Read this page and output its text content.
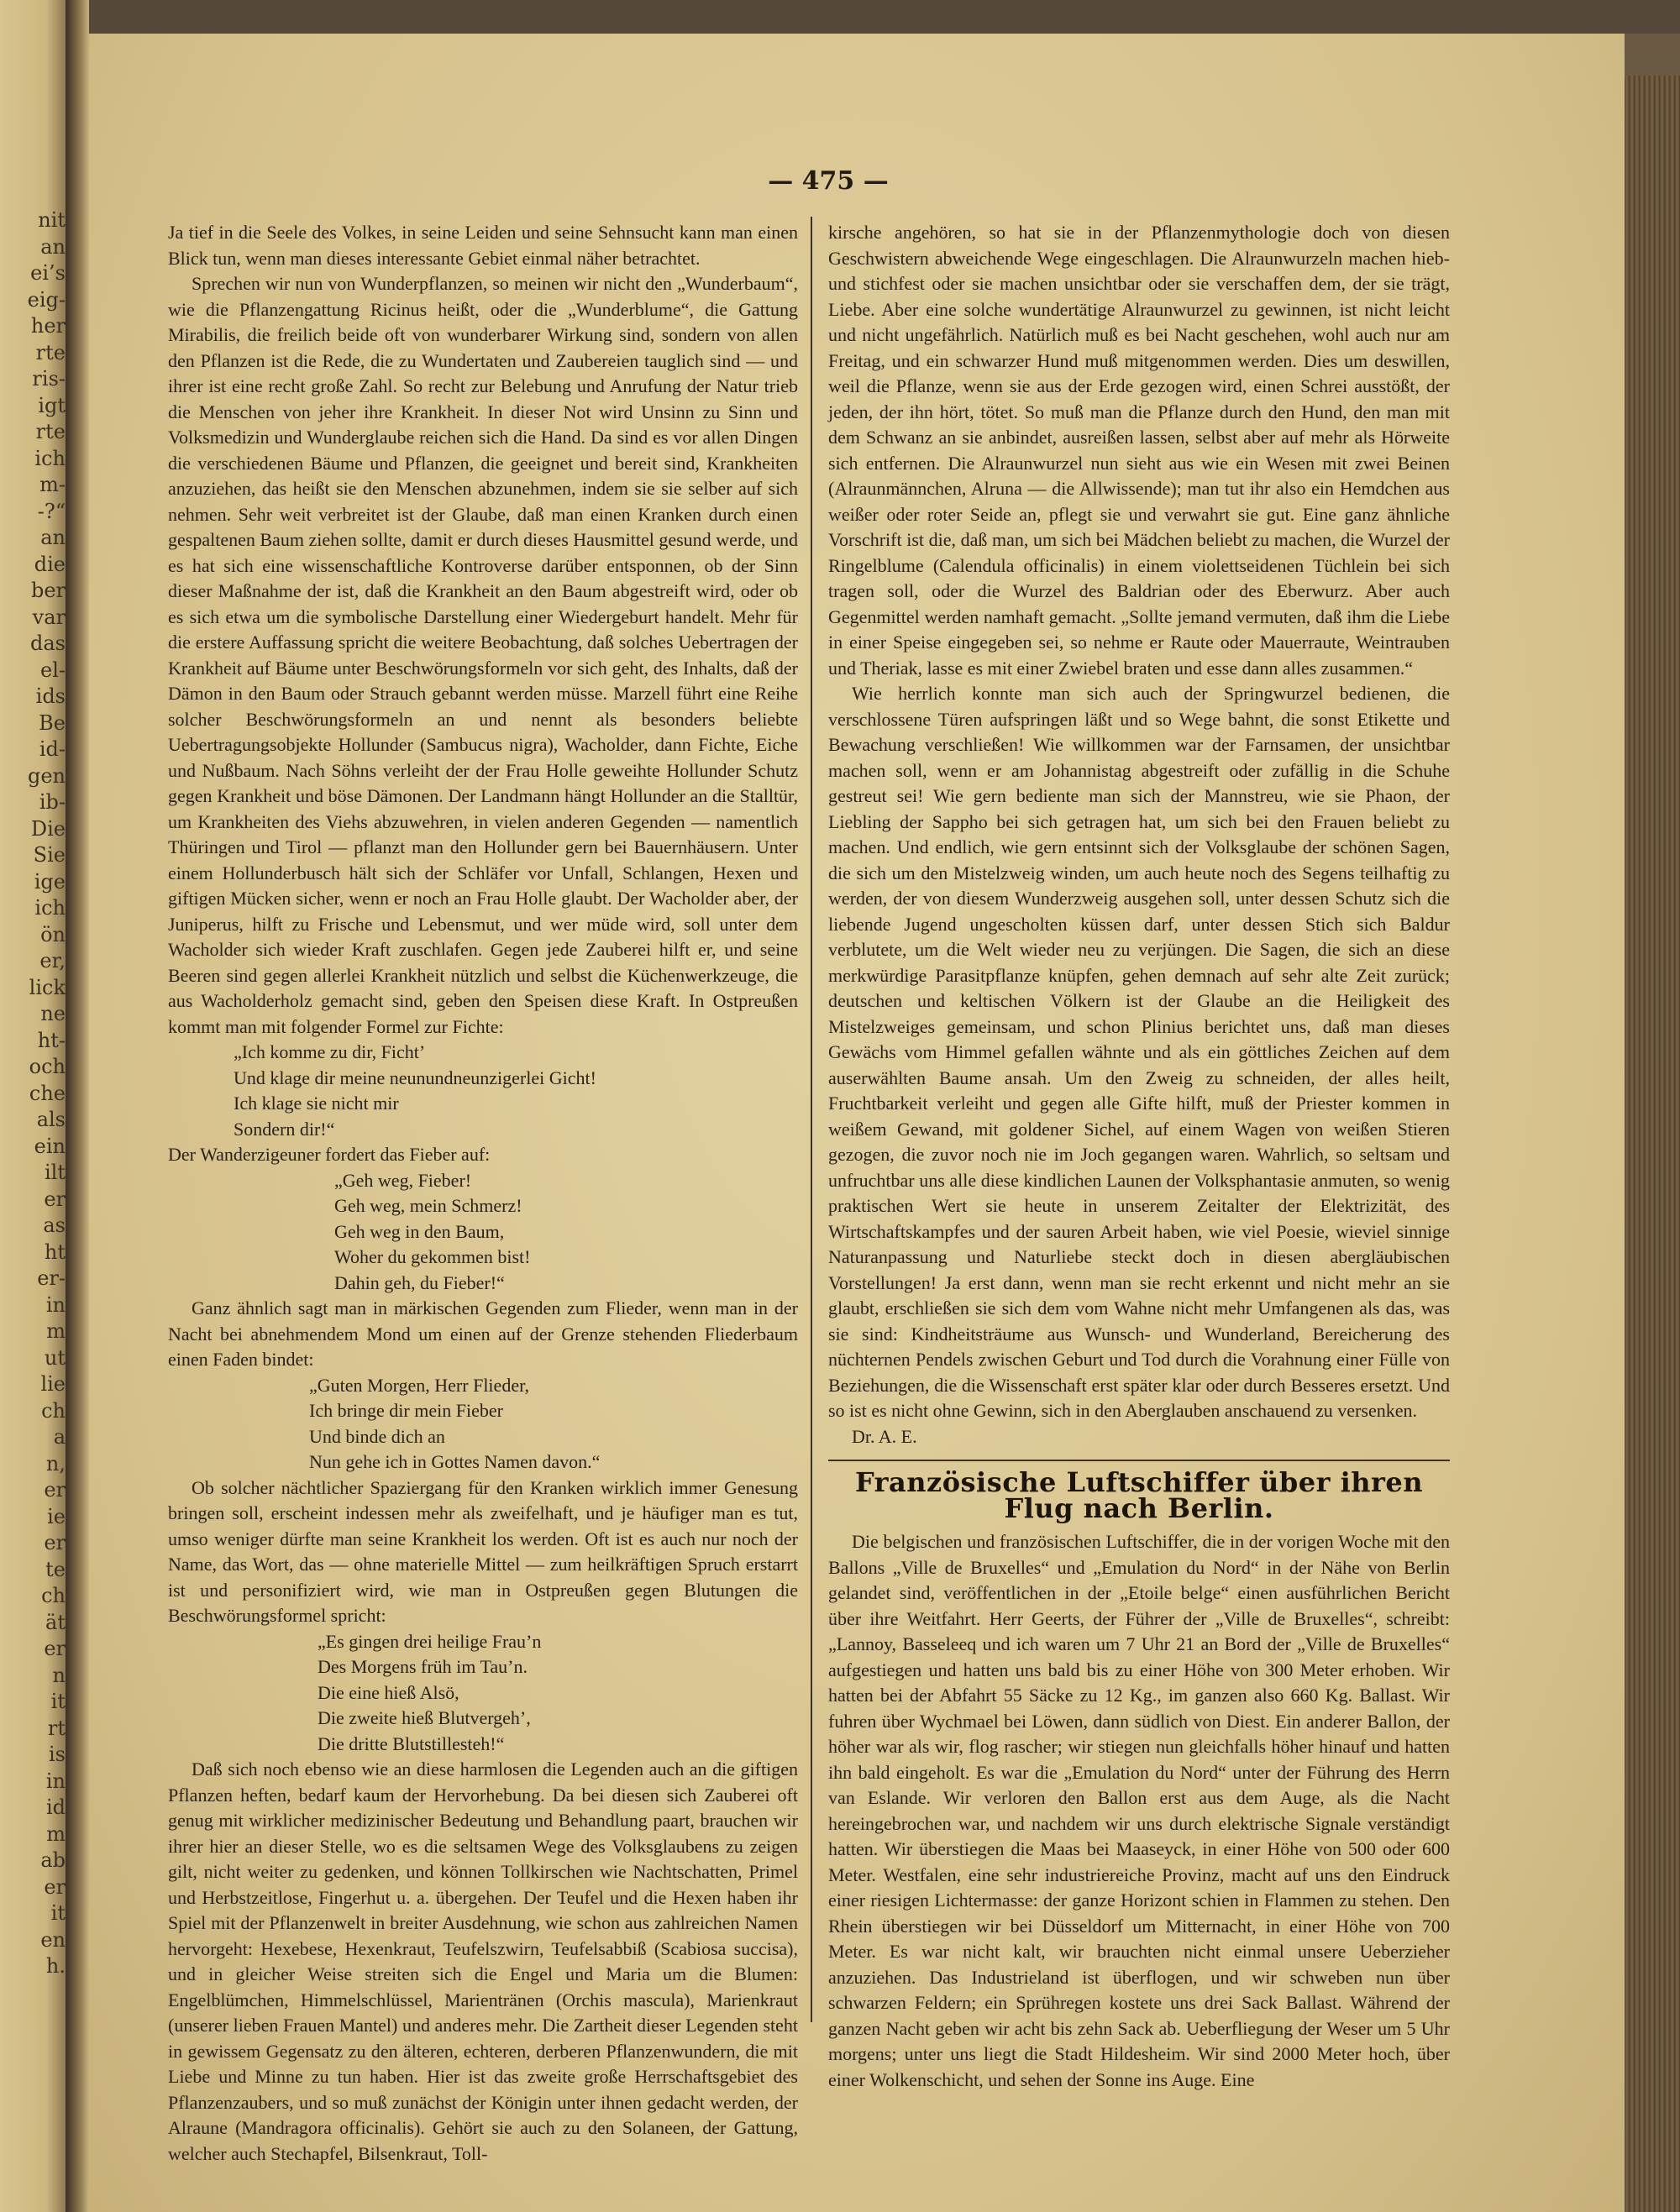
nit
an
ei’s
eig-
her
rte
ris-
igt
rte
ich
m-
-?“
an
die
ber
var
das
el-
ids
Be
id-
gen
ib-
Die
Sie
ige
ich
ön
er,
lick
ne
ht-
och
che
als
ein
ilt
er
as
ht
er-
in
m
ut
lie
ch
a
n,
er
ie
er
te
ch
ät
er
n
it
rt
is
in
id
m
ab
er
it
en
h.
— 475 —

Ja tief in die Seele des Volkes, in seine Leiden und seine Sehnsucht kann man einen Blick tun, wenn man dieses interessante Gebiet einmal näher betrachtet.

Sprechen wir nun von Wunderpflanzen, so meinen wir nicht den „Wunderbaum“, wie die Pflanzengattung Ricinus heißt, oder die „Wunderblume“, die Gattung Mirabilis, die freilich beide oft von wunderbarer Wirkung sind, sondern von allen den Pflanzen ist die Rede, die zu Wundertaten und Zaubereien tauglich sind — und ihrer ist eine recht große Zahl. So recht zur Belebung und Anrufung der Natur trieb die Menschen von jeher ihre Krankheit. In dieser Not wird Unsinn zu Sinn und Volksmedizin und Wunderglaube reichen sich die Hand. Da sind es vor allen Dingen die verschiedenen Bäume und Pflanzen, die geeignet und bereit sind, Krankheiten anzuziehen, das heißt sie den Menschen abzunehmen, indem sie sie selber auf sich nehmen. Sehr weit verbreitet ist der Glaube, daß man einen Kranken durch einen gespaltenen Baum ziehen sollte, damit er durch dieses Hausmittel gesund werde, und es hat sich eine wissenschaftliche Kontroverse darüber entsponnen, ob der Sinn dieser Maßnahme der ist, daß die Krankheit an den Baum abgestreift wird, oder ob es sich etwa um die symbolische Darstellung einer Wiedergeburt handelt. Mehr für die erstere Auffassung spricht die weitere Beobachtung, daß solches Uebertragen der Krankheit auf Bäume unter Beschwörungsformeln vor sich geht, des Inhalts, daß der Dämon in den Baum oder Strauch gebannt werden müsse. Marzell führt eine Reihe solcher Beschwörungsformeln an und nennt als besonders beliebte Uebertragungsobjekte Hollunder (Sambucus nigra), Wacholder, dann Fichte, Eiche und Nußbaum. Nach Söhns verleiht der der Frau Holle geweihte Hollunder Schutz gegen Krankheit und böse Dämonen. Der Landmann hängt Hollunder an die Stalltür, um Krankheiten des Viehs abzuwehren, in vielen anderen Gegenden — namentlich Thüringen und Tirol — pflanzt man den Hollunder gern bei Bauernhäusern. Unter einem Hollunderbusch hält sich der Schläfer vor Unfall, Schlangen, Hexen und giftigen Mücken sicher, wenn er noch an Frau Holle glaubt. Der Wacholder aber, der Juniperus, hilft zu Frische und Lebensmut, und wer müde wird, soll unter dem Wacholder sich wieder Kraft zuschlafen. Gegen jede Zauberei hilft er, und seine Beeren sind gegen allerlei Krankheit nützlich und selbst die Küchenwerkzeuge, die aus Wacholderholz gemacht sind, geben den Speisen diese Kraft. In Ostpreußen kommt man mit folgender Formel zur Fichte:

„Ich komme zu dir, Ficht’

Und klage dir meine neunundneunzigerlei Gicht!

Ich klage sie nicht mir

Sondern dir!“

Der Wanderzigeuner fordert das Fieber auf:

„Geh weg, Fieber!

Geh weg, mein Schmerz!

Geh weg in den Baum,

Woher du gekommen bist!

Dahin geh, du Fieber!“

Ganz ähnlich sagt man in märkischen Gegenden zum Flieder, wenn man in der Nacht bei abnehmendem Mond um einen auf der Grenze stehenden Fliederbaum einen Faden bindet:

„Guten Morgen, Herr Flieder,

Ich bringe dir mein Fieber

Und binde dich an

Nun gehe ich in Gottes Namen davon.“

Ob solcher nächtlicher Spaziergang für den Kranken wirklich immer Genesung bringen soll, erscheint indessen mehr als zweifelhaft, und je häufiger man es tut, umso weniger dürfte man seine Krankheit los werden. Oft ist es auch nur noch der Name, das Wort, das — ohne materielle Mittel — zum heilkräftigen Spruch erstarrt ist und personifiziert wird, wie man in Ostpreußen gegen Blutungen die Beschwörungsformel spricht:

„Es gingen drei heilige Frau’n

Des Morgens früh im Tau’n.

Die eine hieß Alsö,

Die zweite hieß Blutvergeh’,

Die dritte Blutstillesteh!“

Daß sich noch ebenso wie an diese harmlosen die Legenden auch an die giftigen Pflanzen heften, bedarf kaum der Hervorhebung. Da bei diesen sich Zauberei oft genug mit wirklicher medizinischer Bedeutung und Behandlung paart, brauchen wir ihrer hier an dieser Stelle, wo es die seltsamen Wege des Volksglaubens zu zeigen gilt, nicht weiter zu gedenken, und können Tollkirschen wie Nachtschatten, Primel und Herbstzeitlose, Fingerhut u. a. übergehen. Der Teufel und die Hexen haben ihr Spiel mit der Pflanzenwelt in breiter Ausdehnung, wie schon aus zahlreichen Namen hervorgeht: Hexebese, Hexenkraut, Teufelszwirn, Teufelsabbiß (Scabiosa succisa), und in gleicher Weise streiten sich die Engel und Maria um die Blumen: Engelblümchen, Himmelschlüssel, Marientränen (Orchis mascula), Marienkraut (unserer lieben Frauen Mantel) und anderes mehr. Die Zartheit dieser Legenden steht in gewissem Gegensatz zu den älteren, echteren, derberen Pflanzenwundern, die mit Liebe und Minne zu tun haben. Hier ist das zweite große Herrschaftsgebiet des Pflanzenzaubers, und so muß zunächst der Königin unter ihnen gedacht werden, der Alraune (Mandragora officinalis). Gehört sie auch zu den Solaneen, der Gattung, welcher auch Stechapfel, Bilsenkraut, Toll-

kirsche angehören, so hat sie in der Pflanzenmythologie doch von diesen Geschwistern abweichende Wege eingeschlagen. Die Alraunwurzeln machen hieb- und stichfest oder sie machen unsichtbar oder sie verschaffen dem, der sie trägt, Liebe. Aber eine solche wundertätige Alraunwurzel zu gewinnen, ist nicht leicht und nicht ungefährlich. Natürlich muß es bei Nacht geschehen, wohl auch nur am Freitag, und ein schwarzer Hund muß mitgenommen werden. Dies um deswillen, weil die Pflanze, wenn sie aus der Erde gezogen wird, einen Schrei ausstößt, der jeden, der ihn hört, tötet. So muß man die Pflanze durch den Hund, den man mit dem Schwanz an sie anbindet, ausreißen lassen, selbst aber auf mehr als Hörweite sich entfernen. Die Alraunwurzel nun sieht aus wie ein Wesen mit zwei Beinen (Alraunmännchen, Alruna — die Allwissende); man tut ihr also ein Hemdchen aus weißer oder roter Seide an, pflegt sie und verwahrt sie gut. Eine ganz ähnliche Vorschrift ist die, daß man, um sich bei Mädchen beliebt zu machen, die Wurzel der Ringelblume (Calendula officinalis) in einem violettseidenen Tüchlein bei sich tragen soll, oder die Wurzel des Baldrian oder des Eberwurz. Aber auch Gegenmittel werden namhaft gemacht. „Sollte jemand vermuten, daß ihm die Liebe in einer Speise eingegeben sei, so nehme er Raute oder Mauerraute, Weintrauben und Theriak, lasse es mit einer Zwiebel braten und esse dann alles zusammen.“

Wie herrlich konnte man sich auch der Springwurzel bedienen, die verschlossene Türen aufspringen läßt und so Wege bahnt, die sonst Etikette und Bewachung verschließen! Wie willkommen war der Farnsamen, der unsichtbar machen soll, wenn er am Johannistag abgestreift oder zufällig in die Schuhe gestreut sei! Wie gern bediente man sich der Mannstreu, wie sie Phaon, der Liebling der Sappho bei sich getragen hat, um sich bei den Frauen beliebt zu machen. Und endlich, wie gern entsinnt sich der Volksglaube der schönen Sagen, die sich um den Mistelzweig winden, um auch heute noch des Segens teilhaftig zu werden, der von diesem Wunderzweig ausgehen soll, unter dessen Schutz sich die liebende Jugend ungescholten küssen darf, unter dessen Stich sich Baldur verblutete, um die Welt wieder neu zu verjüngen. Die Sagen, die sich an diese merkwürdige Parasitpflanze knüpfen, gehen demnach auf sehr alte Zeit zurück; deutschen und keltischen Völkern ist der Glaube an die Heiligkeit des Mistelzweiges gemeinsam, und schon Plinius berichtet uns, daß man dieses Gewächs vom Himmel gefallen wähnte und als ein göttliches Zeichen auf dem auserwählten Baume ansah. Um den Zweig zu schneiden, der alles heilt, Fruchtbarkeit verleiht und gegen alle Gifte hilft, muß der Priester kommen in weißem Gewand, mit goldener Sichel, auf einem Wagen von weißen Stieren gezogen, die zuvor noch nie im Joch gegangen waren. Wahrlich, so seltsam und unfruchtbar uns alle diese kindlichen Launen der Volksphantasie anmuten, so wenig praktischen Wert sie heute in unserem Zeitalter der Elektrizität, des Wirtschaftskampfes und der sauren Arbeit haben, wie viel Poesie, wieviel sinnige Naturanpassung und Naturliebe steckt doch in diesen abergläubischen Vorstellungen! Ja erst dann, wenn man sie recht erkennt und nicht mehr an sie glaubt, erschließen sie sich dem vom Wahne nicht mehr Umfangenen als das, was sie sind: Kindheitsträume aus Wunsch- und Wunderland, Bereicherung des nüchternen Pendels zwischen Geburt und Tod durch die Vorahnung einer Fülle von Beziehungen, die die Wissenschaft erst später klar oder durch Besseres ersetzt. Und so ist es nicht ohne Gewinn, sich in den Aberglauben anschauend zu versenken.

Dr. A. E.

Französische Luftschiffer über ihren Flug nach Berlin.

Die belgischen und französischen Luftschiffer, die in der vorigen Woche mit den Ballons „Ville de Bruxelles“ und „Emulation du Nord“ in der Nähe von Berlin gelandet sind, veröffentlichen in der „Etoile belge“ einen ausführlichen Bericht über ihre Weitfahrt. Herr Geerts, der Führer der „Ville de Bruxelles“, schreibt: „Lannoy, Basseleeq und ich waren um 7 Uhr 21 an Bord der „Ville de Bruxelles“ aufgestiegen und hatten uns bald bis zu einer Höhe von 300 Meter erhoben. Wir hatten bei der Abfahrt 55 Säcke zu 12 Kg., im ganzen also 660 Kg. Ballast. Wir fuhren über Wychmael bei Löwen, dann südlich von Diest. Ein anderer Ballon, der höher war als wir, flog rascher; wir stiegen nun gleichfalls höher hinauf und hatten ihn bald eingeholt. Es war die „Emulation du Nord“ unter der Führung des Herrn van Eslande. Wir verloren den Ballon erst aus dem Auge, als die Nacht hereingebrochen war, und nachdem wir uns durch elektrische Signale verständigt hatten. Wir überstiegen die Maas bei Maaseyck, in einer Höhe von 500 oder 600 Meter. Westfalen, eine sehr industriereiche Provinz, macht auf uns den Eindruck einer riesigen Lichtermasse: der ganze Horizont schien in Flammen zu stehen. Den Rhein überstiegen wir bei Düsseldorf um Mitternacht, in einer Höhe von 700 Meter. Es war nicht kalt, wir brauchten nicht einmal unsere Ueberzieher anzuziehen. Das Industrieland ist überflogen, und wir schweben nun über schwarzen Feldern; ein Sprühregen kostete uns drei Sack Ballast. Während der ganzen Nacht geben wir acht bis zehn Sack ab. Ueberfliegung der Weser um 5 Uhr morgens; unter uns liegt die Stadt Hildesheim. Wir sind 2000 Meter hoch, über einer Wolkenschicht, und sehen der Sonne ins Auge. Eine
